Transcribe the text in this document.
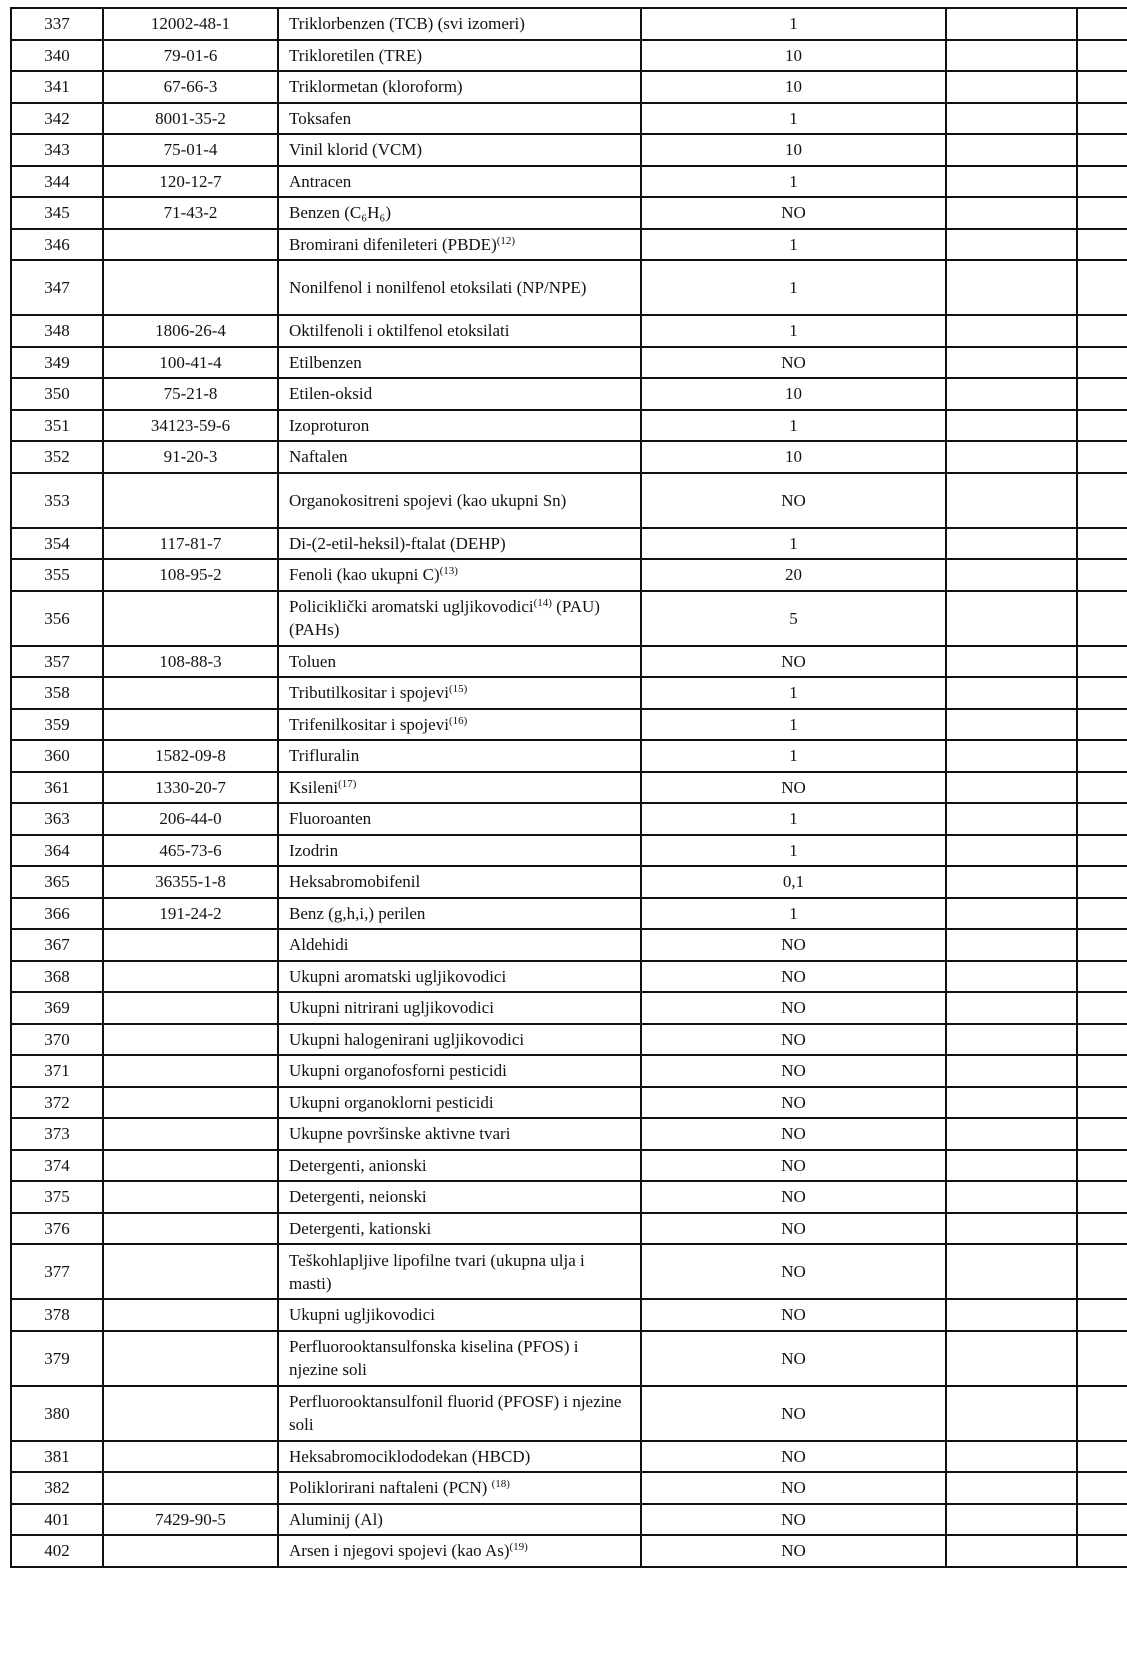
337	12002-48-1	Triklorbenzen (TCB) (svi izomeri)	1		
340	79-01-6	Trikloretilen (TRE)	10		
341	67-66-3	Triklormetan (kloroform)	10		
342	8001-35-2	Toksafen	1		
343	75-01-4	Vinil klorid (VCM)	10		
344	120-12-7	Antracen	1		
345	71-43-2	Benzen (C₆H₆)	NO		
346		Bromirani difenileteri (PBDE)$^{(12)}$	1		
347		Nonilfenol i nonilfenol etoksilati (NP/NPE)	1		
348	1806-26-4	Oktilfenoli i oktilfenol etoksilati	1		
349	100-41-4	Etilbenzen	NO		
350	75-21-8	Etilen-oksid	10		
351	34123-59-6	Izoproturon	1		
352	91-20-3	Naftalen	10		
353		Organokositreni spojevi (kao ukupni Sn)	NO		
354	117-81-7	Di-(2-etil-heksil)-ftalat (DEHP)	1		
355	108-95-2	Fenoli (kao ukupni C)$^{(13)}$	20		
356		Policiklički aromatski ugljikovodici$^{(14)}$ (PAU) (PAHs)	5		
357	108-88-3	Toluen	NO		
358		Tributilkositar i spojevi$^{(15)}$	1		
359		Trifenilkositar i spojevi$^{(16)}$	1		
360	1582-09-8	Trifluralin	1		
361	1330-20-7	Ksileni$^{(17)}$	NO		
363	206-44-0	Fluoroanten	1		
364	465-73-6	Izodrin	1		
365	36355-1-8	Heksabromobifenil	0,1		
366	191-24-2	Benz (g,h,i,) perilen	1		
367		Aldehidi	NO		
368		Ukupni aromatski ugljikovodici	NO		
369		Ukupni nitrirani ugljikovodici	NO		
370		Ukupni halogenirani ugljikovodici	NO		
371		Ukupni organofosforni pesticidi	NO		
372		Ukupni organoklorni pesticidi	NO		
373		Ukupne površinske aktivne tvari	NO		
374		Detergenti, anionski	NO		
375		Detergenti, neionski	NO		
376		Detergenti, kationski	NO		
377		Teškohlapljive lipofilne tvari (ukupna ulja i masti)	NO		
378		Ukupni ugljikovodici	NO		
379		Perfluorooktansulfonska kiselina (PFOS) i njezine soli	NO		
380		Perfluorooktansulfonil fluorid (PFOSF) i njezine soli	NO		
381		Heksabromociklododekan (HBCD)	NO		
382		Poliklorirani naftaleni (PCN) $^{(18)}$	NO		
401	7429-90-5	Aluminij (Al)	NO		
402		Arsen i njegovi spojevi (kao As)$^{(19)}$	NO		
